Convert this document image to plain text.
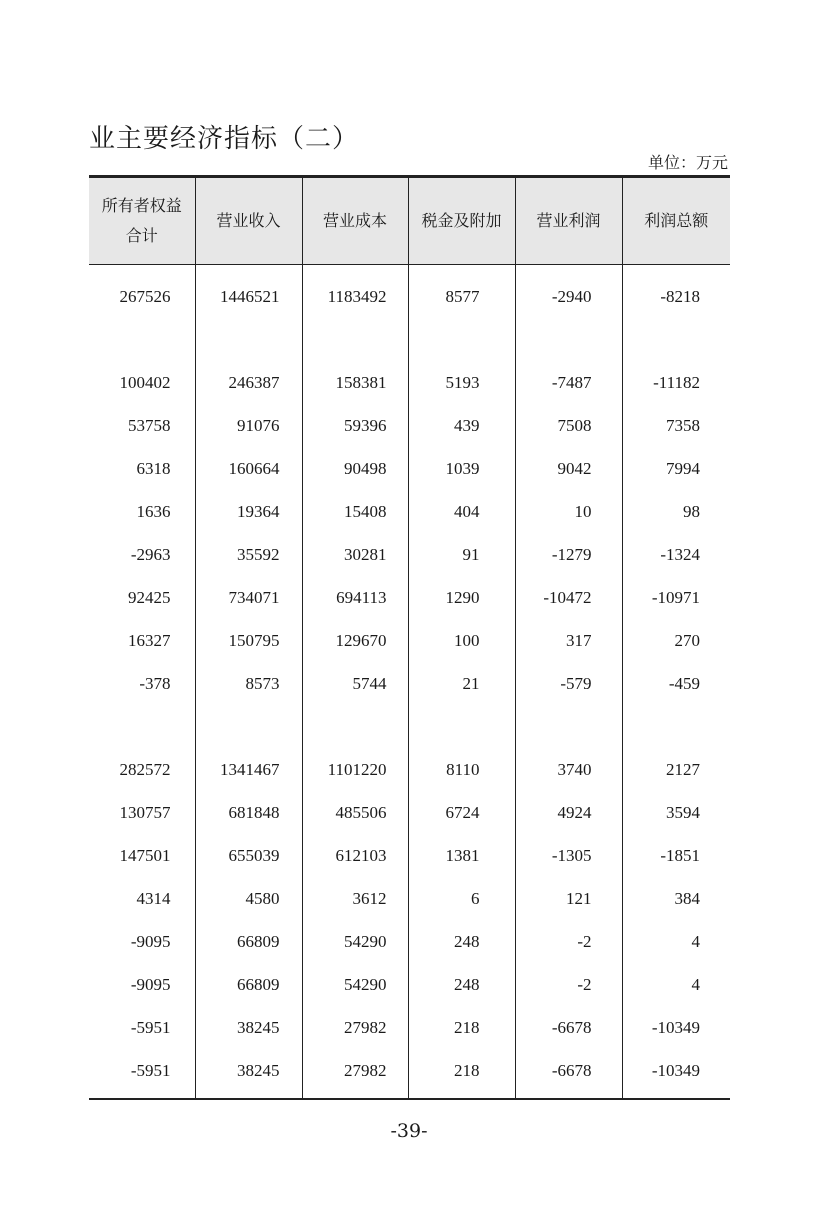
业主要经济指标（二）
单位：万元
所有者权益
合计	营业收入	营业成本	税金及附加	营业利润	利润总额
267526	1446521	1183492	8577	-2940	-8218

100402	246387	158381	5193	-7487	-11182
53758	91076	59396	439	7508	7358
6318	160664	90498	1039	9042	7994
1636	19364	15408	404	10	98
-2963	35592	30281	91	-1279	-1324
92425	734071	694113	1290	-10472	-10971
16327	150795	129670	100	317	270
-378	8573	5744	21	-579	-459

282572	1341467	1101220	8110	3740	2127
130757	681848	485506	6724	4924	3594
147501	655039	612103	1381	-1305	-1851
4314	4580	3612	6	121	384
-9095	66809	54290	248	-2	4
-9095	66809	54290	248	-2	4
-5951	38245	27982	218	-6678	-10349
-5951	38245	27982	218	-6678	-10349
-39-
